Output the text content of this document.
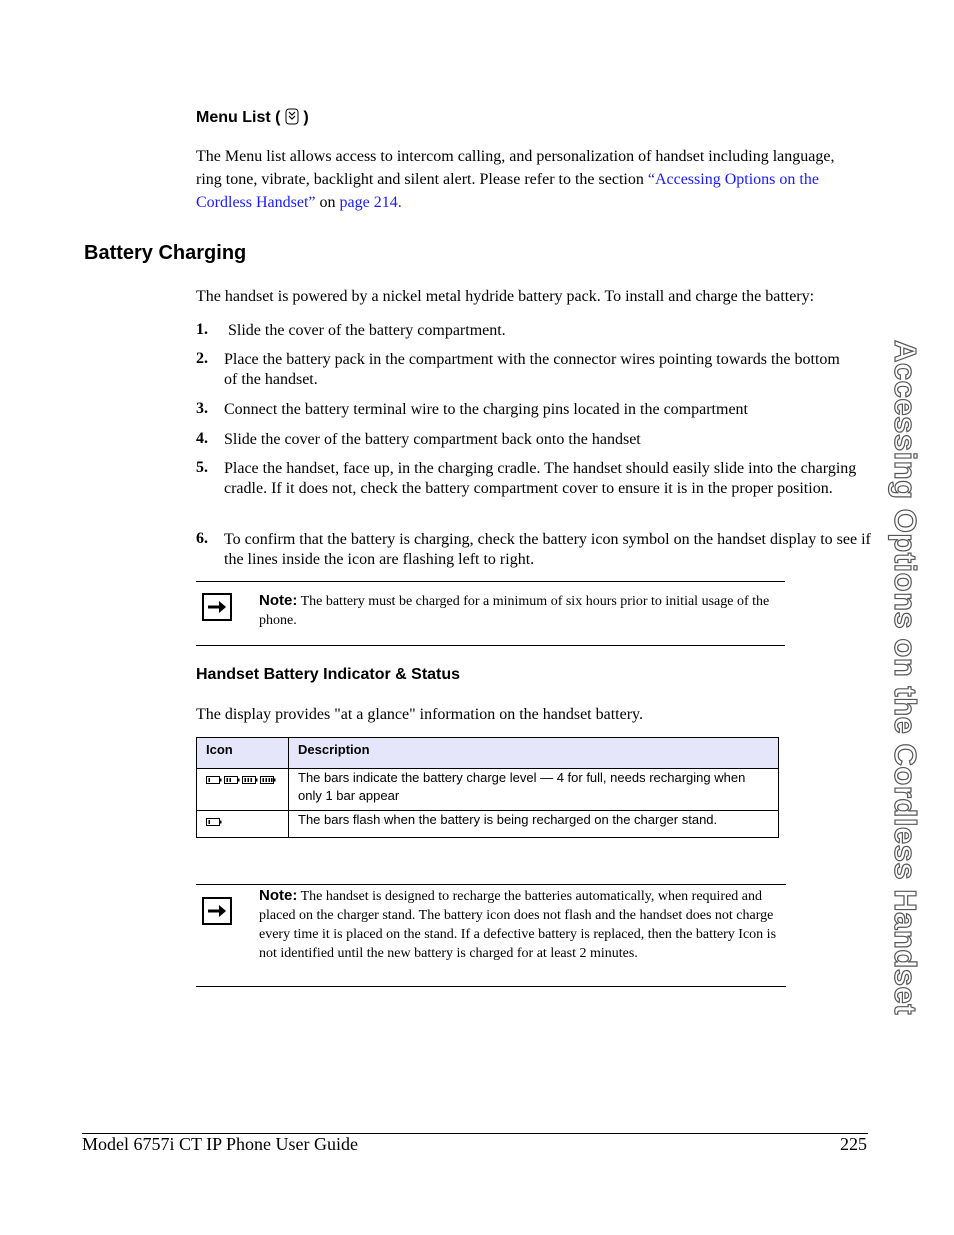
Menu List ( )
The Menu list allows access to intercom calling, and personalization of handset including language, ring tone, vibrate, backlight and silent alert. Please refer to the section “Accessing Options on the Cordless Handset” on page 214.
Battery Charging
The handset is powered by a nickel metal hydride battery pack. To install and charge the battery:
1. Slide the cover of the battery compartment.
2. Place the battery pack in the compartment with the connector wires pointing towards the bottom of the handset.
3. Connect the battery terminal wire to the charging pins located in the compartment
4. Slide the cover of the battery compartment back onto the handset
5. Place the handset, face up, in the charging cradle. The handset should easily slide into the charging cradle. If it does not, check the battery compartment cover to ensure it is in the proper position.
6. To confirm that the battery is charging, check the battery icon symbol on the handset display to see if the lines inside the icon are flashing left to right.
Note: The battery must be charged for a minimum of six hours prior to initial usage of the phone.
Handset Battery Indicator & Status
The display provides "at a glance" information on the handset battery.
Icon	Description
	The bars indicate the battery charge level — 4 for full, needs recharging when only 1 bar appear
	The bars flash when the battery is being recharged on the charger stand.
Note: The handset is designed to recharge the batteries automatically, when required and placed on the charger stand. The battery icon does not flash and the handset does not charge every time it is placed on the stand. If a defective battery is replaced, then the battery Icon is not identified until the new battery is charged for at least 2 minutes.	Accessing Options on the Cordless Handset
Model 6757i CT IP Phone User Guide	225
